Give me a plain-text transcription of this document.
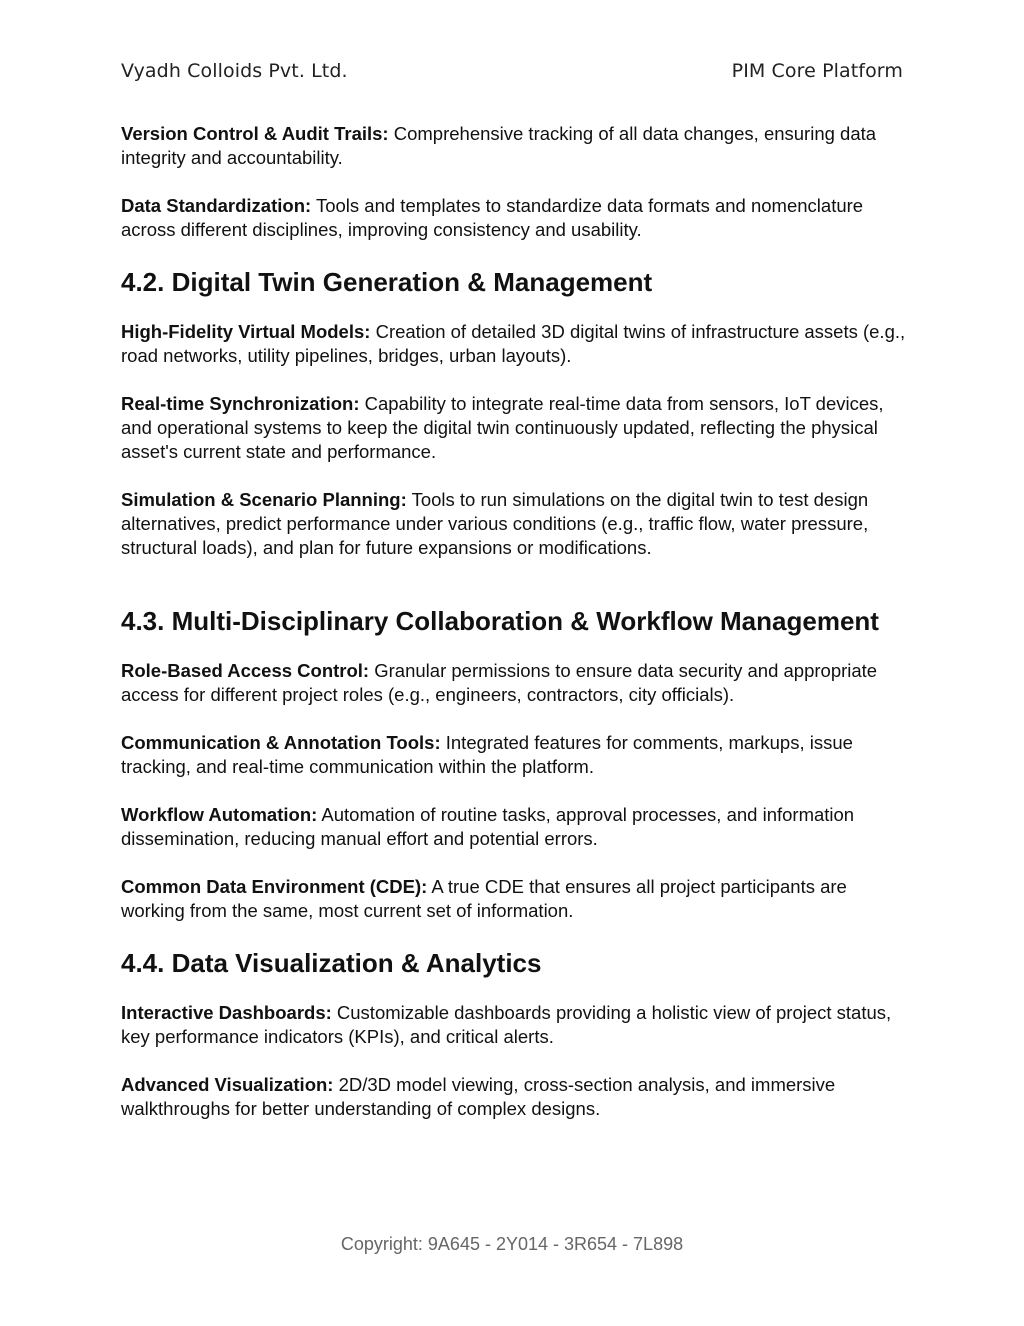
Vyadh Colloids Pvt. Ltd.	PIM Core Platform

Version Control & Audit Trails: Comprehensive tracking of all data changes, ensuring data integrity and accountability.

Data Standardization: Tools and templates to standardize data formats and nomenclature across different disciplines, improving consistency and usability.

4.2. Digital Twin Generation & Management

High-Fidelity Virtual Models: Creation of detailed 3D digital twins of infrastructure assets (e.g., road networks, utility pipelines, bridges, urban layouts).

Real-time Synchronization: Capability to integrate real-time data from sensors, IoT devices, and operational systems to keep the digital twin continuously updated, reflecting the physical asset's current state and performance.

Simulation & Scenario Planning: Tools to run simulations on the digital twin to test design alternatives, predict performance under various conditions (e.g., traffic flow, water pressure, structural loads), and plan for future expansions or modifications.

4.3. Multi-Disciplinary Collaboration & Workflow Management

Role-Based Access Control: Granular permissions to ensure data security and appropriate access for different project roles (e.g., engineers, contractors, city officials).

Communication & Annotation Tools: Integrated features for comments, markups, issue tracking, and real-time communication within the platform.

Workflow Automation: Automation of routine tasks, approval processes, and information dissemination, reducing manual effort and potential errors.

Common Data Environment (CDE): A true CDE that ensures all project participants are working from the same, most current set of information.

4.4. Data Visualization & Analytics

Interactive Dashboards: Customizable dashboards providing a holistic view of project status, key performance indicators (KPIs), and critical alerts.

Advanced Visualization: 2D/3D model viewing, cross-section analysis, and immersive walkthroughs for better understanding of complex designs.

Copyright: 9A645 - 2Y014 - 3R654 - 7L898
